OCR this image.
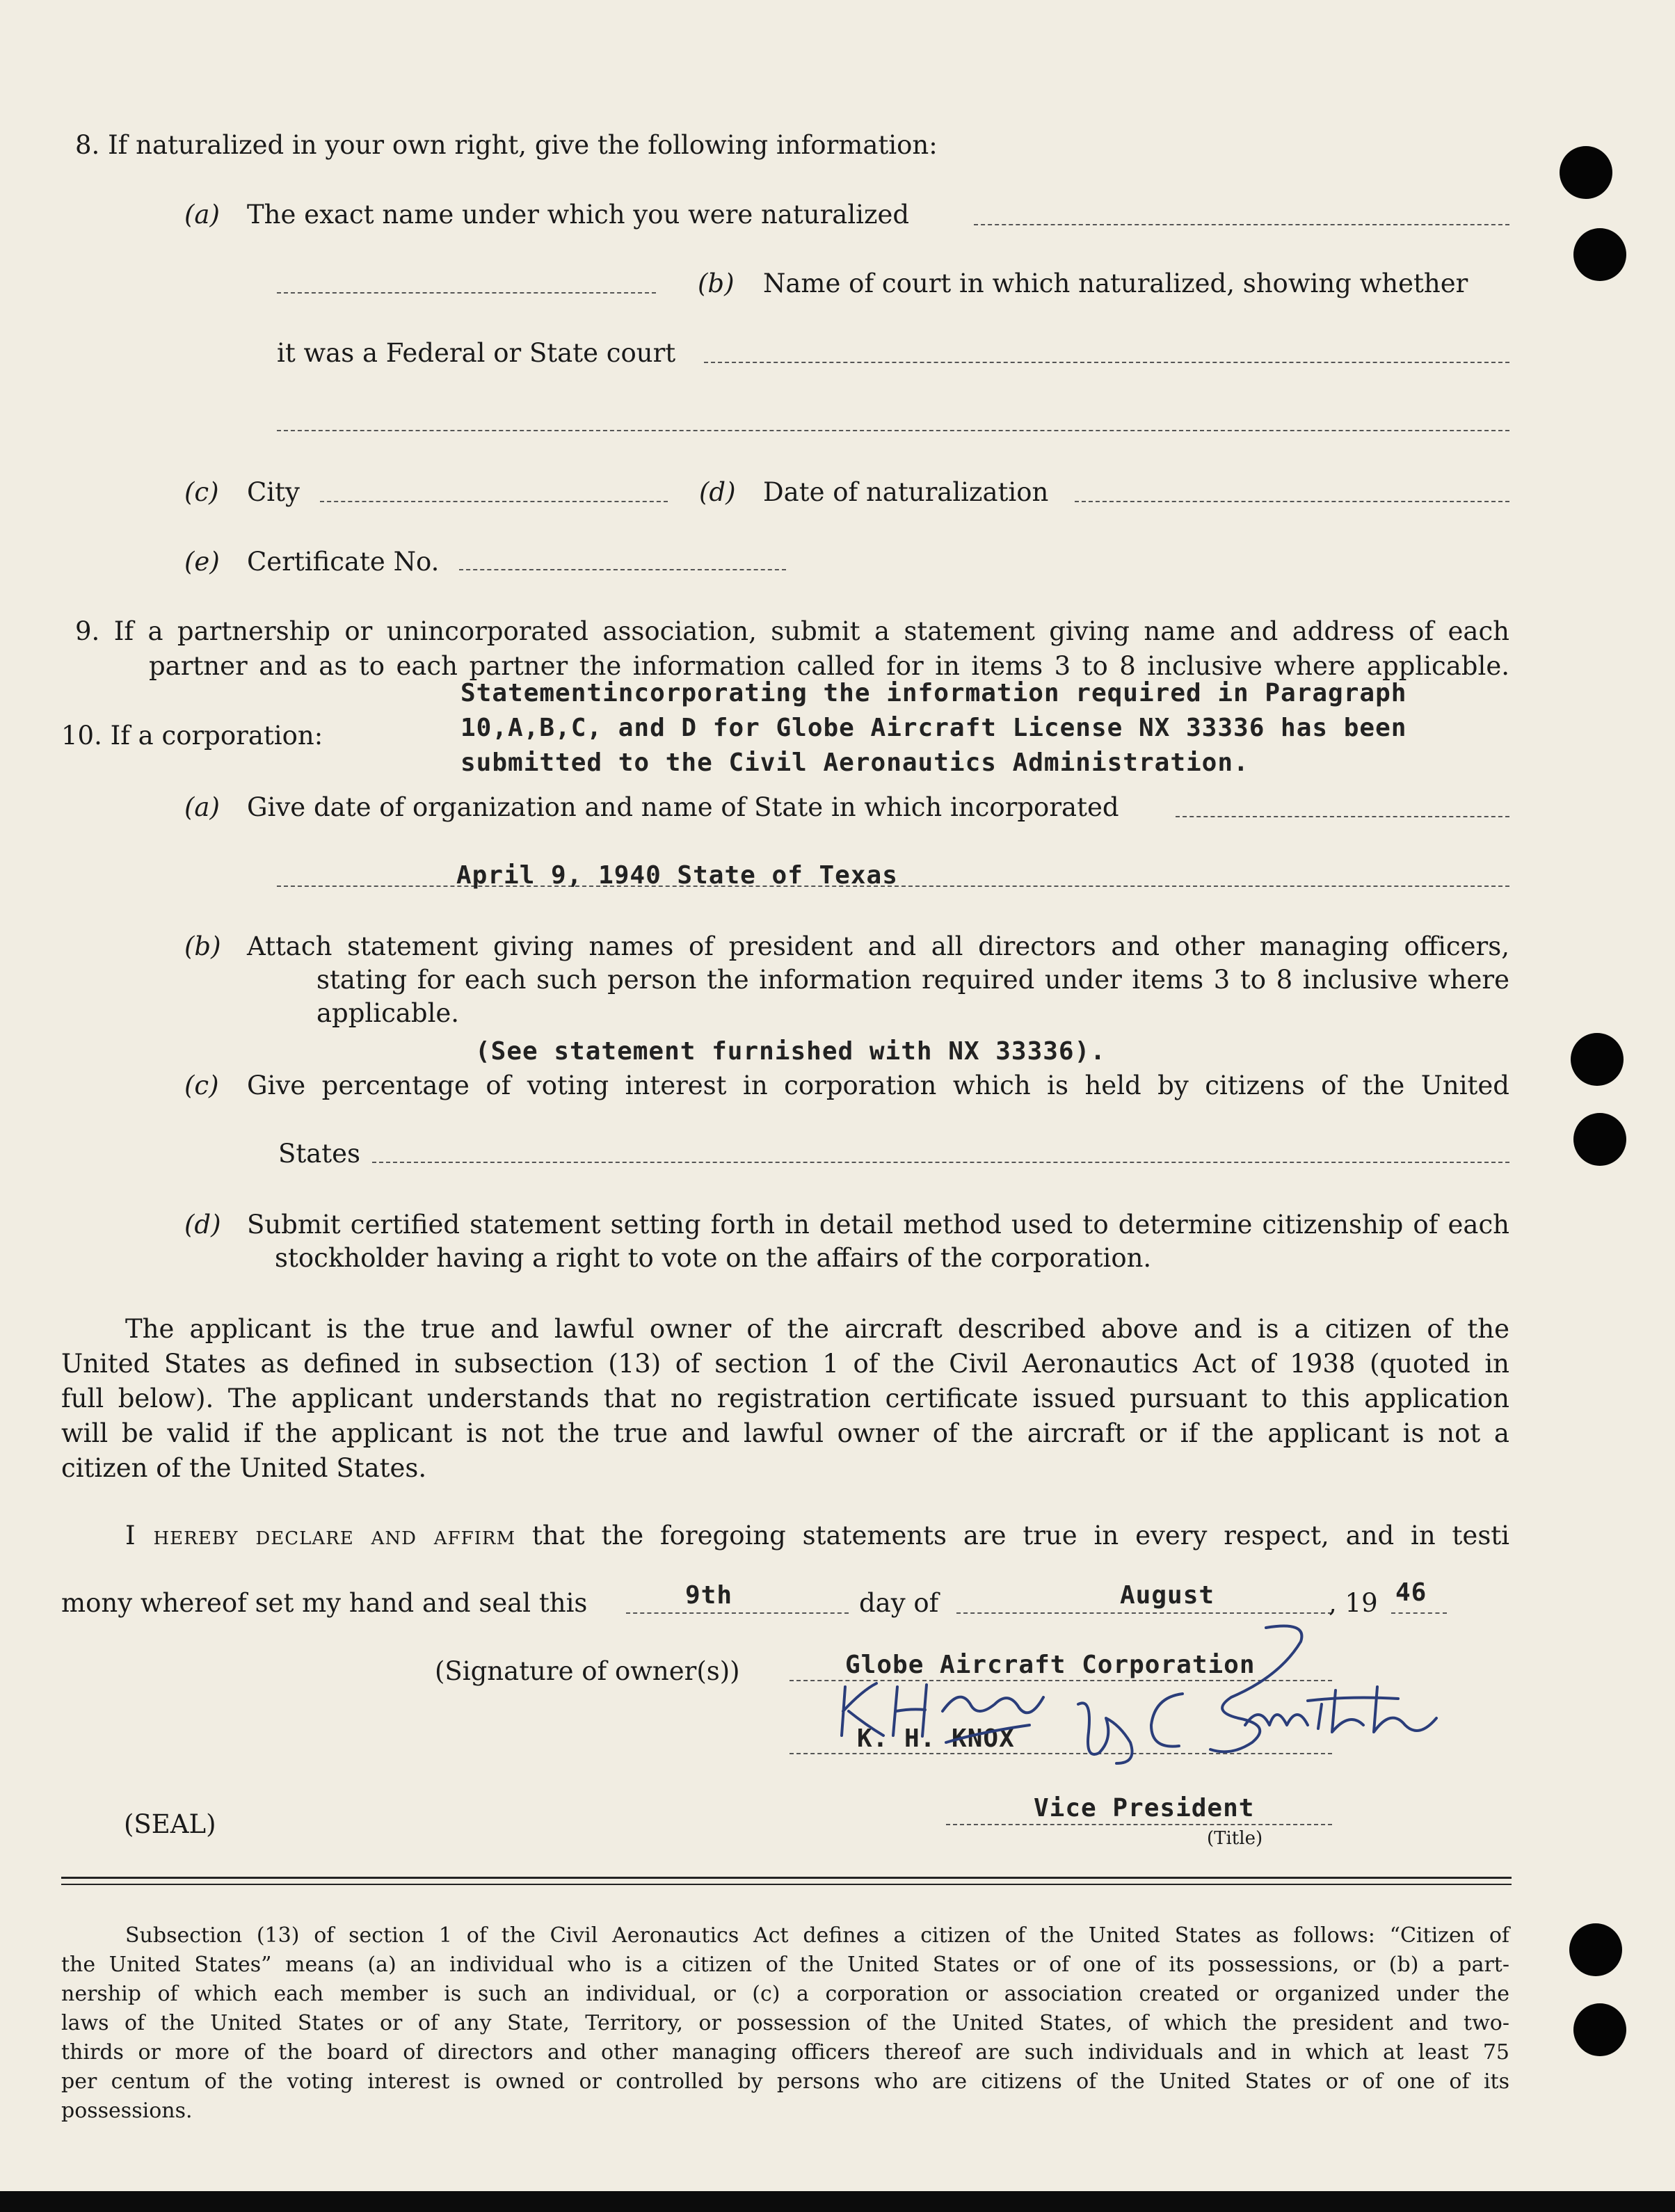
8. If naturalized in your own right, give the following information:
(a) The exact name under which you were naturalized
(b) Name of court in which naturalized, showing whether
it was a Federal or State court
(c) City	(d) Date of naturalization
(e) Certificate No.
9. If a partnership or unincorporated association, submit a statement giving name and address of each
partner and as to each partner the information called for in items 3 to 8 inclusive where applicable.
10. If a corporation:
Statementincorporating the information required in Paragraph
10,A,B,C, and D for Globe Aircraft License NX 33336 has been
submitted to the Civil Aeronautics Administration.
(a) Give date of organization and name of State in which incorporated
April 9, 1940 State of Texas
(b) Attach statement giving names of president and all directors and other managing officers,
stating for each such person the information required under items 3 to 8 inclusive where
applicable.
(See statement furnished with NX 33336).
(c) Give percentage of voting interest in corporation which is held by citizens of the United
States
(d) Submit certified statement setting forth in detail method used to determine citizenship of each
stockholder having a right to vote on the affairs of the corporation.
The applicant is the true and lawful owner of the aircraft described above and is a citizen of the
United States as defined in subsection (13) of section 1 of the Civil Aeronautics Act of 1938 (quoted in
full below). The applicant understands that no registration certificate issued pursuant to this application
will be valid if the applicant is not the true and lawful owner of the aircraft or if the applicant is not a
citizen of the United States.
I hereby declare and affirm that the foregoing statements are true in every respect, and in testi
mony whereof set my hand and seal this	9th	day of	August	, 19 46
(Signature of owner(s))	Globe Aircraft Corporation
K. H. KNOX
(SEAL)
Vice President
(Title)
Subsection (13) of section 1 of the Civil Aeronautics Act defines a citizen of the United States as follows: “Citizen of
the United States” means (a) an individual who is a citizen of the United States or of one of its possessions, or (b) a part-
nership of which each member is such an individual, or (c) a corporation or association created or organized under the
laws of the United States or of any State, Territory, or possession of the United States, of which the president and two-
thirds or more of the board of directors and other managing officers thereof are such individuals and in which at least 75
per centum of the voting interest is owned or controlled by persons who are citizens of the United States or of one of its
possessions.
